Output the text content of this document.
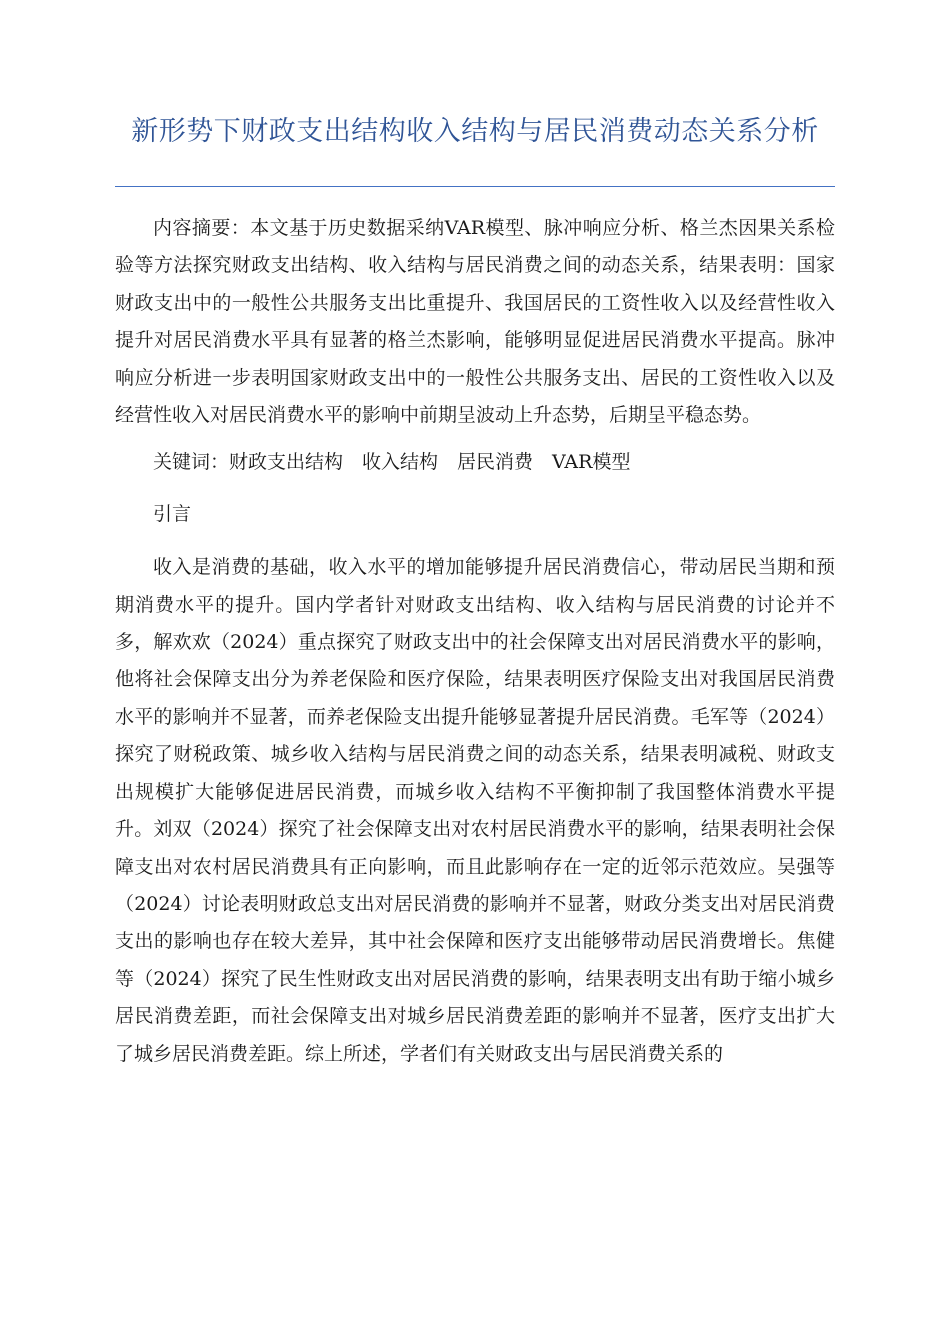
新形势下财政支出结构收入结构与居民消费动态关系分析

内容摘要：本文基于历史数据采纳VAR模型、脉冲响应分析、格兰杰因果关系检验等方法探究财政支出结构、收入结构与居民消费之间的动态关系，结果表明：国家财政支出中的一般性公共服务支出比重提升、我国居民的工资性收入以及经营性收入提升对居民消费水平具有显著的格兰杰影响，能够明显促进居民消费水平提高。脉冲响应分析进一步表明国家财政支出中的一般性公共服务支出、居民的工资性收入以及经营性收入对居民消费水平的影响中前期呈波动上升态势，后期呈平稳态势。

关键词：财政支出结构　收入结构　居民消费　VAR模型

引言

收入是消费的基础，收入水平的增加能够提升居民消费信心，带动居民当期和预期消费水平的提升。国内学者针对财政支出结构、收入结构与居民消费的讨论并不多，解欢欢（2024）重点探究了财政支出中的社会保障支出对居民消费水平的影响，他将社会保障支出分为养老保险和医疗保险，结果表明医疗保险支出对我国居民消费水平的影响并不显著，而养老保险支出提升能够显著提升居民消费。毛军等（2024）探究了财税政策、城乡收入结构与居民消费之间的动态关系，结果表明减税、财政支出规模扩大能够促进居民消费，而城乡收入结构不平衡抑制了我国整体消费水平提升。刘双（2024）探究了社会保障支出对农村居民消费水平的影响，结果表明社会保障支出对农村居民消费具有正向影响，而且此影响存在一定的近邻示范效应。吴强等（2024）讨论表明财政总支出对居民消费的影响并不显著，财政分类支出对居民消费支出的影响也存在较大差异，其中社会保障和医疗支出能够带动居民消费增长。焦健等（2024）探究了民生性财政支出对居民消费的影响，结果表明支出有助于缩小城乡居民消费差距，而社会保障支出对城乡居民消费差距的影响并不显著，医疗支出扩大了城乡居民消费差距。综上所述，学者们有关财政支出与居民消费关系的
